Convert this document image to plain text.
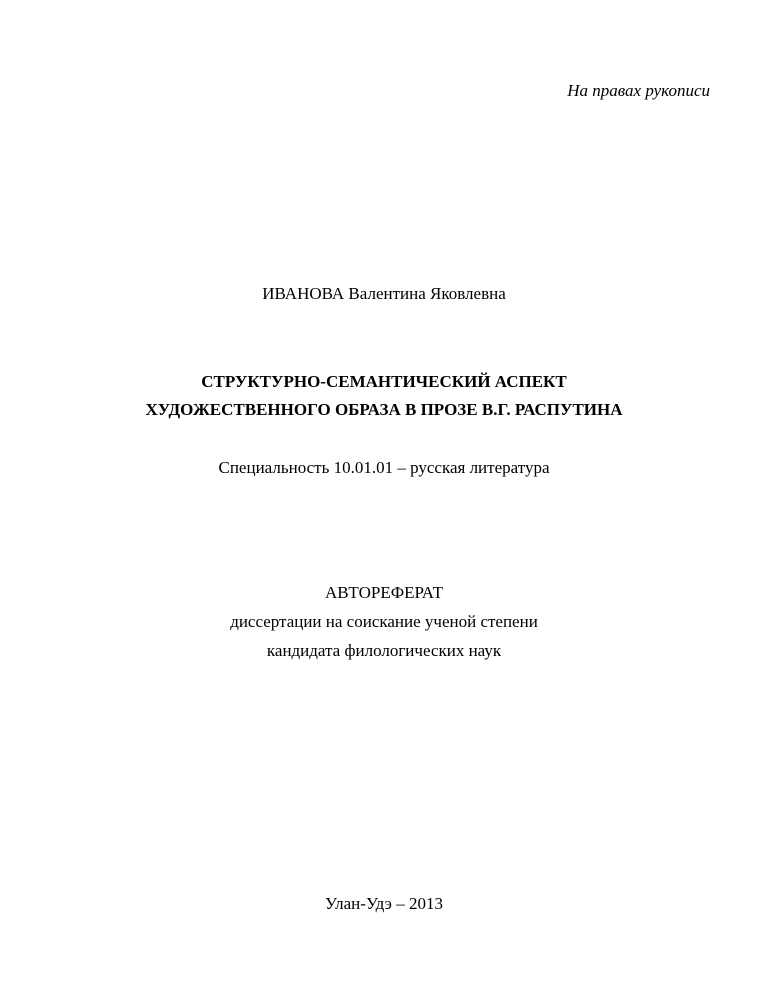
На правах рукописи
ИВАНОВА Валентина Яковлевна
СТРУКТУРНО-СЕМАНТИЧЕСКИЙ АСПЕКТ
ХУДОЖЕСТВЕННОГО ОБРАЗА В ПРОЗЕ В.Г. РАСПУТИНА
Специальность 10.01.01 – русская литература
АВТОРЕФЕРАТ
диссертации на соискание ученой степени
кандидата филологических наук
Улан-Удэ – 2013
